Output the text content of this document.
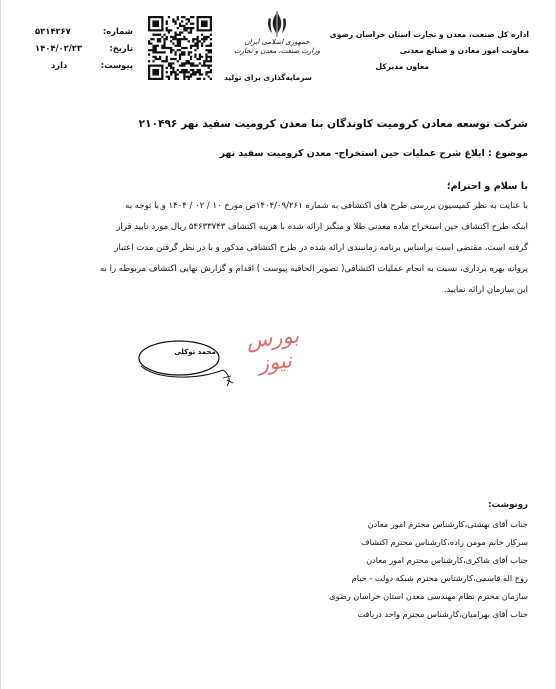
اداره کل صنعت، معدن و تجارت استان خراسان رضوی
معاونت امور معادن و صنایع معدنی
معاون مدیرکل
جمهوری اسلامی ایران
وزارت صنعت، معدن و تجارت
سرمایه‌گذاری برای تولید
شماره:
۵۲۱۴۲۶۷
تاریخ:
۱۴۰۴/۰۲/۲۳
پیوست:
دارد
شرکت توسعه معادن کرومیت کاوندگان بنا معدن کرومیت سفید نهر ۲۱۰۴۹۶
موضوع : ابلاغ شرح عملیات حین استخراج- معدن کرومیت سفید نهر
با سلام و احترام؛
با عنایت به نظر کمیسیون بررسی طرح های اکتشافی به شماره ۱۴۰۴/۰۹/۲۶۱ص مورخ ۱۰ / ۰۲ / ۱۴۰۴ و با توجه به
اینکه طرح اکتشاف حین استخراج ماده معدنی طلا و منگنز ارائه شده با هزینه اکتشاف ۵۴۶۳۳۷۴۳ ریال مورد تایید قرار
گرفته است، مقتضی است براساس برنامه زمانبندی ارائه شده در طرح اکتشافی مذکور و با در نظر گرفتن مدت اعتبار
پروانه بهره برداری، نسبت به انجام عملیات اکتشافی( تصویر الحاقیه پیوست ) اقدام و گزارش نهایی اکتشاف مربوطه را به
این سازمان ارائه نمایید.
بورس نیوز
محمد توکلی
رونوشت:
جناب آقای بهشتی،کارشناس محترم امور معادن
سرکار خانم مومن زاده،کارشناس محترم اکتشاف
جناب آقای شاکری،کارشناس محترم امور معادن
روح اله قاسمی،کارشناس محترم شبکه دولت - خیام
سازمان محترم نظام مهندسی معدن استان خراسان رضوی
جناب آقای بهرامیان،کارشناس محترم واحد دریافت
